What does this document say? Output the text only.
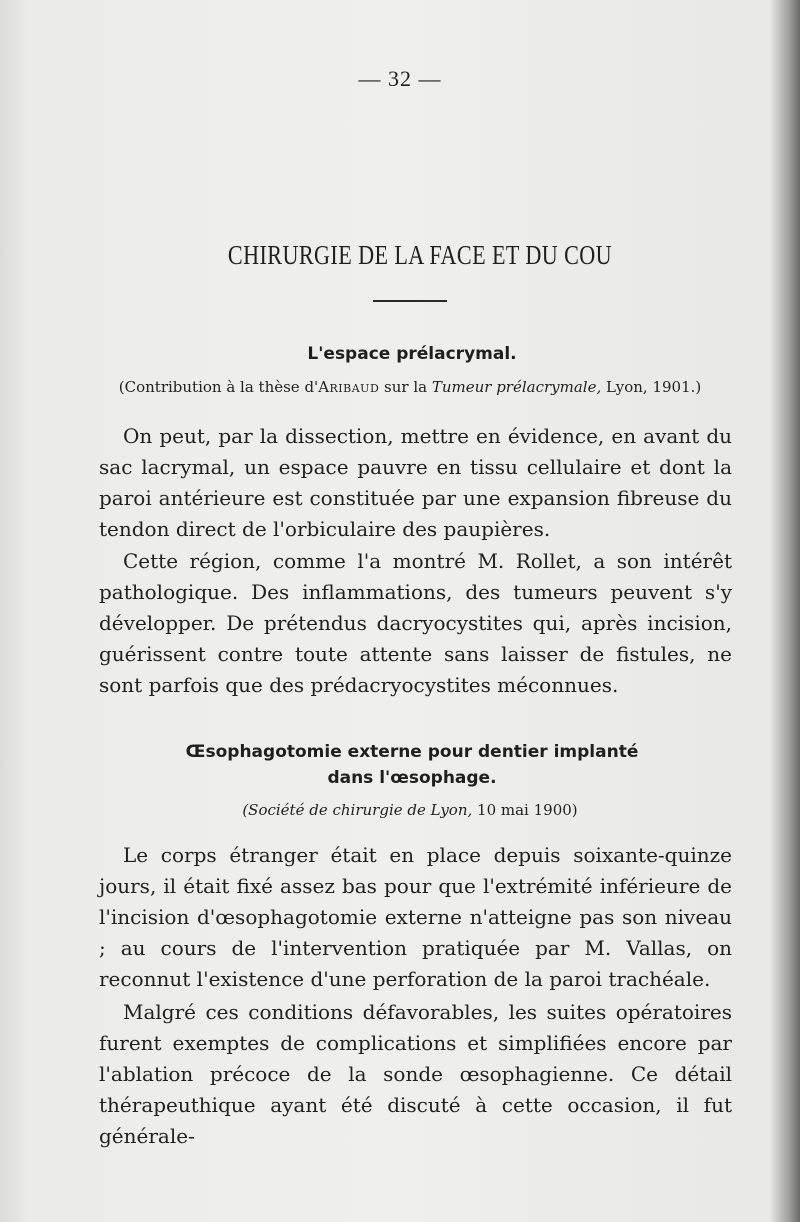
— 32 —
CHIRURGIE DE LA FACE ET DU COU
L'espace prélacrymal.
(Contribution à la thèse d'Aribaud sur la Tumeur prélacrymale, Lyon, 1901.)

On peut, par la dissection, mettre en évidence, en avant du sac lacrymal, un espace pauvre en tissu cellulaire et dont la paroi antérieure est constituée par une expansion fibreuse du tendon direct de l'orbiculaire des paupières.

Cette région, comme l'a montré M. Rollet, a son intérêt pathologique. Des inflammations, des tumeurs peuvent s'y développer. De prétendus dacryocystites qui, après incision, guérissent contre toute attente sans laisser de fistules, ne sont parfois que des prédacryocystites méconnues.

Œsophagotomie externe pour dentier implanté
dans l'œsophage.
(Société de chirurgie de Lyon, 10 mai 1900)

Le corps étranger était en place depuis soixante-quinze jours, il était fixé assez bas pour que l'extrémité inférieure de l'incision d'œsophagotomie externe n'atteigne pas son niveau ; au cours de l'intervention pratiquée par M. Vallas, on reconnut l'existence d'une perforation de la paroi trachéale.

Malgré ces conditions défavorables, les suites opératoires furent exemptes de complications et simplifiées encore par l'ablation précoce de la sonde œsophagienne. Ce détail thérapeuthique ayant été discuté à cette occasion, il fut générale-
